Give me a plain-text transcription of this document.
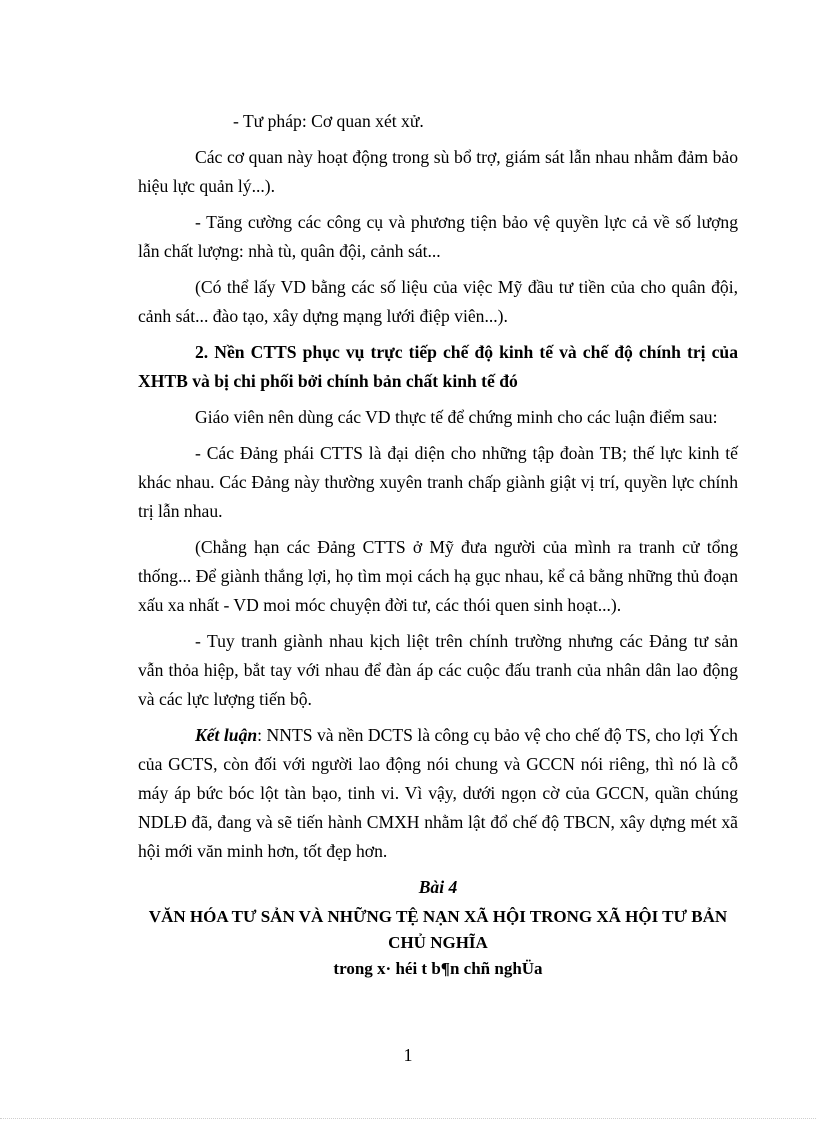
- Tư pháp: Cơ quan xét xử.

Các cơ quan này hoạt động trong sù bổ trợ, giám sát lẫn nhau nhằm đảm bảo hiệu lực quản lý...).

- Tăng cường các công cụ và phương tiện bảo vệ quyền lực cả về số lượng lẫn chất lượng: nhà tù, quân đội, cảnh sát...

(Có thể lấy VD bằng các số liệu của việc Mỹ đầu tư tiền của cho quân đội, cảnh sát... đào tạo, xây dựng mạng lưới điệp viên...).

2. Nền CTTS phục vụ trực tiếp chế độ kinh tế và chế độ chính trị của XHTB và bị chi phối bởi chính bản chất kinh tế đó

Giáo viên nên dùng các VD thực tế để chứng minh cho các luận điểm sau:

- Các Đảng phái CTTS là đại diện cho những tập đoàn TB; thế lực kinh tế khác nhau. Các Đảng này thường xuyên tranh chấp giành giật vị trí, quyền lực chính trị lẫn nhau.

(Chẳng hạn các Đảng CTTS ở Mỹ đưa người của mình ra tranh cử tổng thống... Để giành thắng lợi, họ tìm mọi cách hạ gục nhau, kể cả bằng những thủ đoạn xấu xa nhất - VD moi móc chuyện đời tư, các thói quen sinh hoạt...).

- Tuy tranh giành nhau kịch liệt trên chính trường nhưng các Đảng tư sản vẫn thỏa hiệp, bắt tay với nhau để đàn áp các cuộc đấu tranh của nhân dân lao động và các lực lượng tiến bộ.

Kết luận: NNTS và nền DCTS là công cụ bảo vệ cho chế độ TS, cho lợi Ých của GCTS, còn đối với người lao động nói chung và GCCN nói riêng, thì nó là cỗ máy áp bức bóc lột tàn bạo, tinh vi. Vì vậy, dưới ngọn cờ của GCCN, quần chúng NDLĐ đã, đang và sẽ tiến hành CMXH nhằm lật đổ chế độ TBCN, xây dựng mét xã hội mới văn minh hơn, tốt đẹp hơn.

Bài 4

VĂN HÓA TƯ SẢN VÀ NHỮNG TỆ NẠN XÃ HỘI TRONG XÃ HỘI TƯ BẢN CHỦ NGHĨA

trong x· héi t b¶n chñ nghÜa

1
